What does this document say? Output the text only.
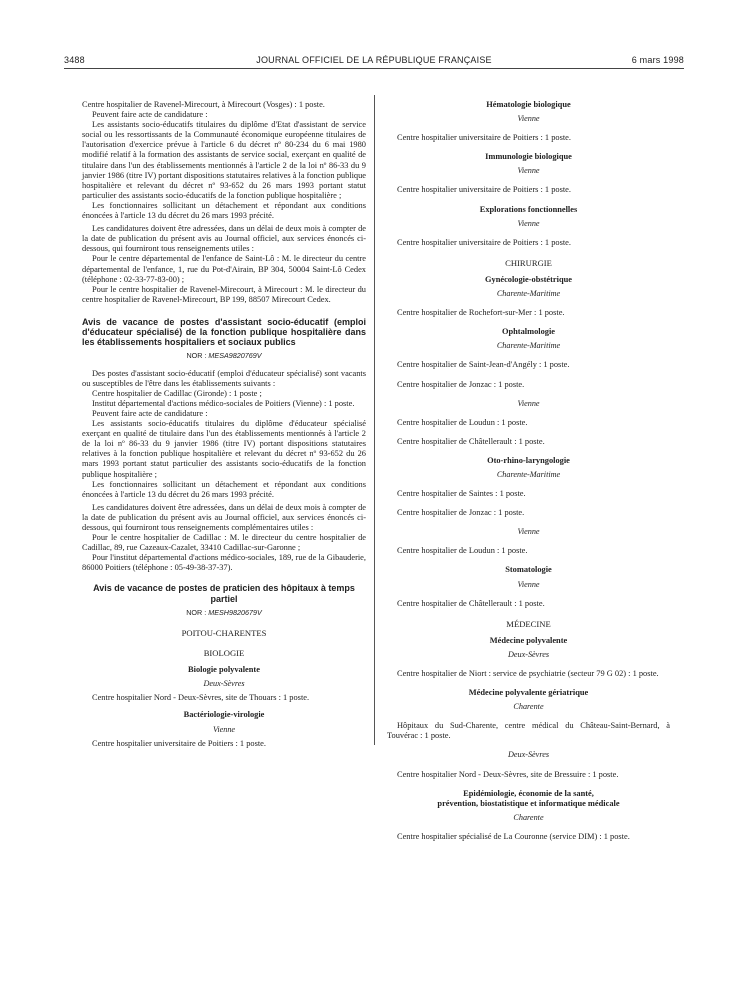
3488	JOURNAL OFFICIEL DE LA RÉPUBLIQUE FRANÇAISE	6 mars 1998

Centre hospitalier de Ravenel-Mirecourt, à Mirecourt (Vosges) : 1 poste.

Peuvent faire acte de candidature :

Les assistants socio-éducatifs titulaires du diplôme d'Etat d'assistant de service social ou les ressortissants de la Communauté économique européenne titulaires de l'autorisation d'exercice prévue à l'article 6 du décret nº 80-234 du 6 mai 1980 modifié relatif à la formation des assistants de service social, exerçant en qualité de titulaire dans l'un des établissements mentionnés à l'article 2 de la loi nº 86-33 du 9 janvier 1986 (titre IV) portant dispositions statutaires relatives à la fonction publique hospitalière et relevant du décret nº 93-652 du 26 mars 1993 portant statut particulier des assistants socio-éducatifs de la fonction publique hospitalière ;

Les fonctionnaires sollicitant un détachement et répondant aux conditions énoncées à l'article 13 du décret du 26 mars 1993 précité.

Les candidatures doivent être adressées, dans un délai de deux mois à compter de la date de publication du présent avis au Journal officiel, aux services énoncés ci-dessous, qui fourniront tous renseignements utiles :

Pour le centre départemental de l'enfance de Saint-Lô : M. le directeur du centre départemental de l'enfance, 1, rue du Pot-d'Airain, BP 304, 50004 Saint-Lô Cedex (téléphone : 02-33-77-83-00) ;

Pour le centre hospitalier de Ravenel-Mirecourt, à Mirecourt : M. le directeur du centre hospitalier de Ravenel-Mirecourt, BP 199, 88507 Mirecourt Cedex.

Avis de vacance de postes d'assistant socio-éducatif (emploi d'éducateur spécialisé) de la fonction publique hospitalière dans les établissements hospitaliers et sociaux publics
NOR : MESA9820769V

Des postes d'assistant socio-éducatif (emploi d'éducateur spécialisé) sont vacants ou susceptibles de l'être dans les établissements suivants :

Centre hospitalier de Cadillac (Gironde) : 1 poste ;

Institut départemental d'actions médico-sociales de Poitiers (Vienne) : 1 poste.

Peuvent faire acte de candidature :

Les assistants socio-éducatifs titulaires du diplôme d'éducateur spécialisé exerçant en qualité de titulaire dans l'un des établissements mentionnés à l'article 2 de la loi nº 86-33 du 9 janvier 1986 (titre IV) portant dispositions statutaires relatives à la fonction publique hospitalière et relevant du décret nº 93-652 du 26 mars 1993 portant statut particulier des assistants socio-éducatifs de la fonction publique hospitalière ;

Les fonctionnaires sollicitant un détachement et répondant aux conditions énoncées à l'article 13 du décret du 26 mars 1993 précité.

Les candidatures doivent être adressées, dans un délai de deux mois à compter de la date de publication du présent avis au Journal officiel, aux services énoncés ci-dessous, qui fourniront tous renseignements complémentaires utiles :

Pour le centre hospitalier de Cadillac : M. le directeur du centre hospitalier de Cadillac, 89, rue Cazeaux-Cazalet, 33410 Cadillac-sur-Garonne ;

Pour l'institut départemental d'actions médico-sociales, 189, rue de la Gibauderie, 86000 Poitiers (téléphone : 05-49-38-37-37).

Avis de vacance de postes de praticien des hôpitaux à temps partiel
NOR : MESH9820679V
POITOU-CHARENTES
BIOLOGIE
Biologie polyvalente
Deux-Sèvres

Centre hospitalier Nord - Deux-Sèvres, site de Thouars : 1 poste.

Bactériologie-virologie
Vienne

Centre hospitalier universitaire de Poitiers : 1 poste.

Hématologie biologique
Vienne

Centre hospitalier universitaire de Poitiers : 1 poste.

Immunologie biologique
Vienne

Centre hospitalier universitaire de Poitiers : 1 poste.

Explorations fonctionnelles
Vienne

Centre hospitalier universitaire de Poitiers : 1 poste.

CHIRURGIE
Gynécologie-obstétrique
Charente-Maritime

Centre hospitalier de Rochefort-sur-Mer : 1 poste.

Ophtalmologie
Charente-Maritime

Centre hospitalier de Saint-Jean-d'Angély : 1 poste.

Centre hospitalier de Jonzac : 1 poste.

Vienne

Centre hospitalier de Loudun : 1 poste.

Centre hospitalier de Châtellerault : 1 poste.

Oto-rhino-laryngologie
Charente-Maritime

Centre hospitalier de Saintes : 1 poste.

Centre hospitalier de Jonzac : 1 poste.

Vienne

Centre hospitalier de Loudun : 1 poste.

Stomatologie
Vienne

Centre hospitalier de Châtellerault : 1 poste.

MÉDECINE
Médecine polyvalente
Deux-Sèvres

Centre hospitalier de Niort : service de psychiatrie (secteur 79 G 02) : 1 poste.

Médecine polyvalente gériatrique
Charente

Hôpitaux du Sud-Charente, centre médical du Château-Saint-Bernard, à Touvérac : 1 poste.

Deux-Sèvres

Centre hospitalier Nord - Deux-Sèvres, site de Bressuire : 1 poste.

Epidémiologie, économie de la santé,
prévention, biostatistique et informatique médicale
Charente

Centre hospitalier spécialisé de La Couronne (service DIM) : 1 poste.
